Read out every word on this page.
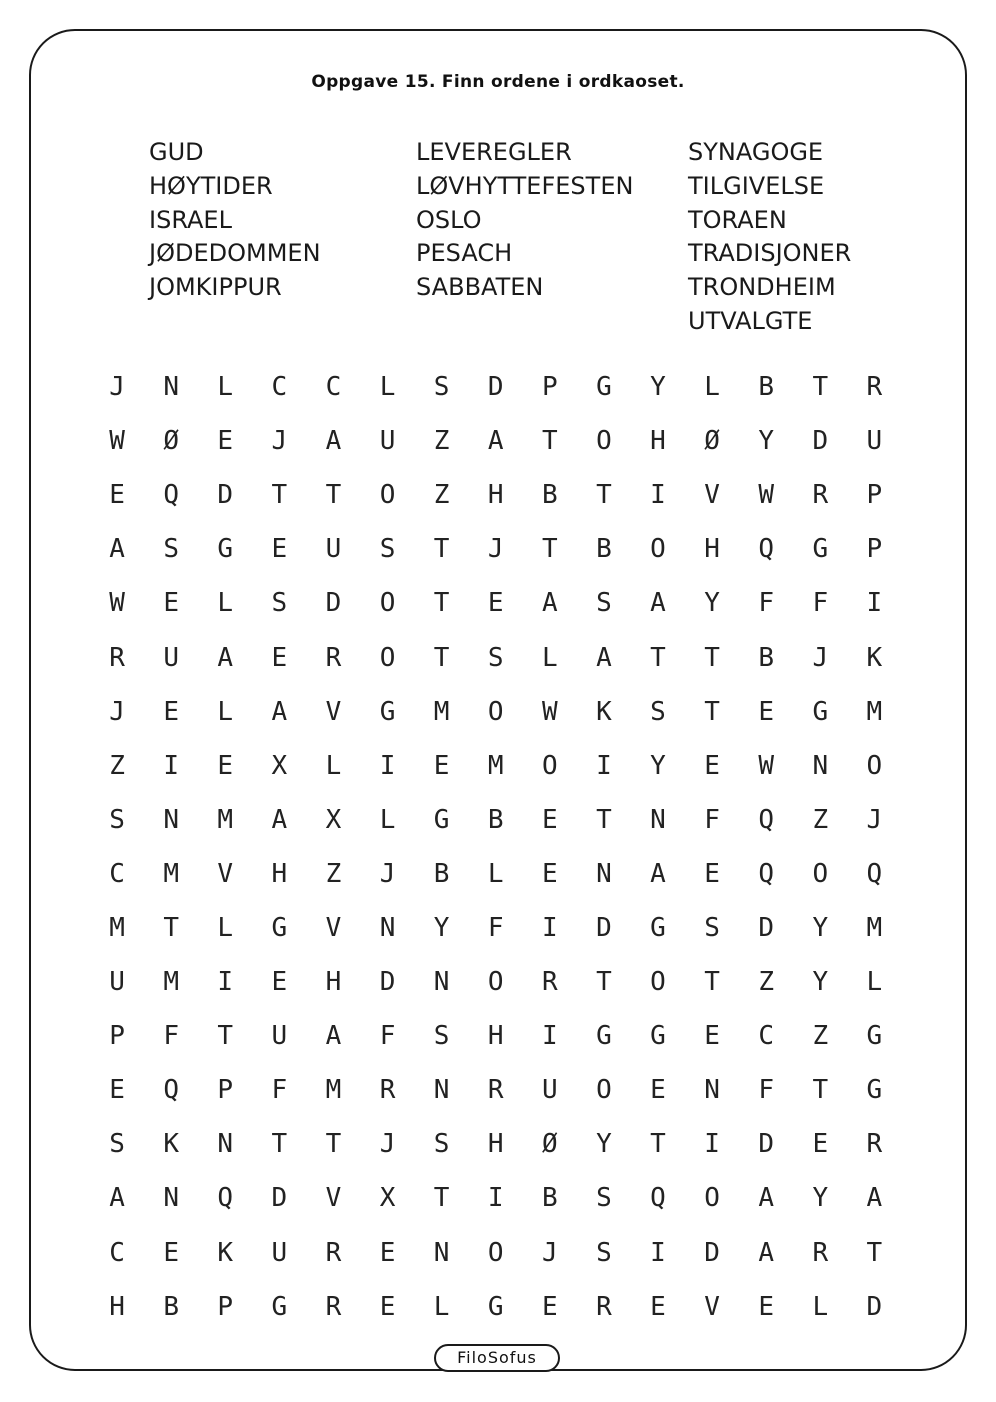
Oppgave 15. Finn ordene i ordkaoset.
GUD
HØYTIDER
ISRAEL
JØDEDOMMEN
JOMKIPPUR
LEVEREGLER
LØVHYTTEFESTEN
OSLO
PESACH
SABBATEN
SYNAGOGE
TILGIVELSE
TORAEN
TRADISJONER
TRONDHEIM
UTVALGTE
J	N	L	C	C	L	S	D	P	G	Y	L	B	T	R
W	Ø	E	J	A	U	Z	A	T	O	H	Ø	Y	D	U
E	Q	D	T	T	O	Z	H	B	T	I	V	W	R	P
A	S	G	E	U	S	T	J	T	B	O	H	Q	G	P
W	E	L	S	D	O	T	E	A	S	A	Y	F	F	I
R	U	A	E	R	O	T	S	L	A	T	T	B	J	K
J	E	L	A	V	G	M	O	W	K	S	T	E	G	M
Z	I	E	X	L	I	E	M	O	I	Y	E	W	N	O
S	N	M	A	X	L	G	B	E	T	N	F	Q	Z	J
C	M	V	H	Z	J	B	L	E	N	A	E	Q	O	Q
M	T	L	G	V	N	Y	F	I	D	G	S	D	Y	M
U	M	I	E	H	D	N	O	R	T	O	T	Z	Y	L
P	F	T	U	A	F	S	H	I	G	G	E	C	Z	G
E	Q	P	F	M	R	N	R	U	O	E	N	F	T	G
S	K	N	T	T	J	S	H	Ø	Y	T	I	D	E	R
A	N	Q	D	V	X	T	I	B	S	Q	O	A	Y	A
C	E	K	U	R	E	N	O	J	S	I	D	A	R	T
H	B	P	G	R	E	L	G	E	R	E	V	E	L	D
FiloSofus
